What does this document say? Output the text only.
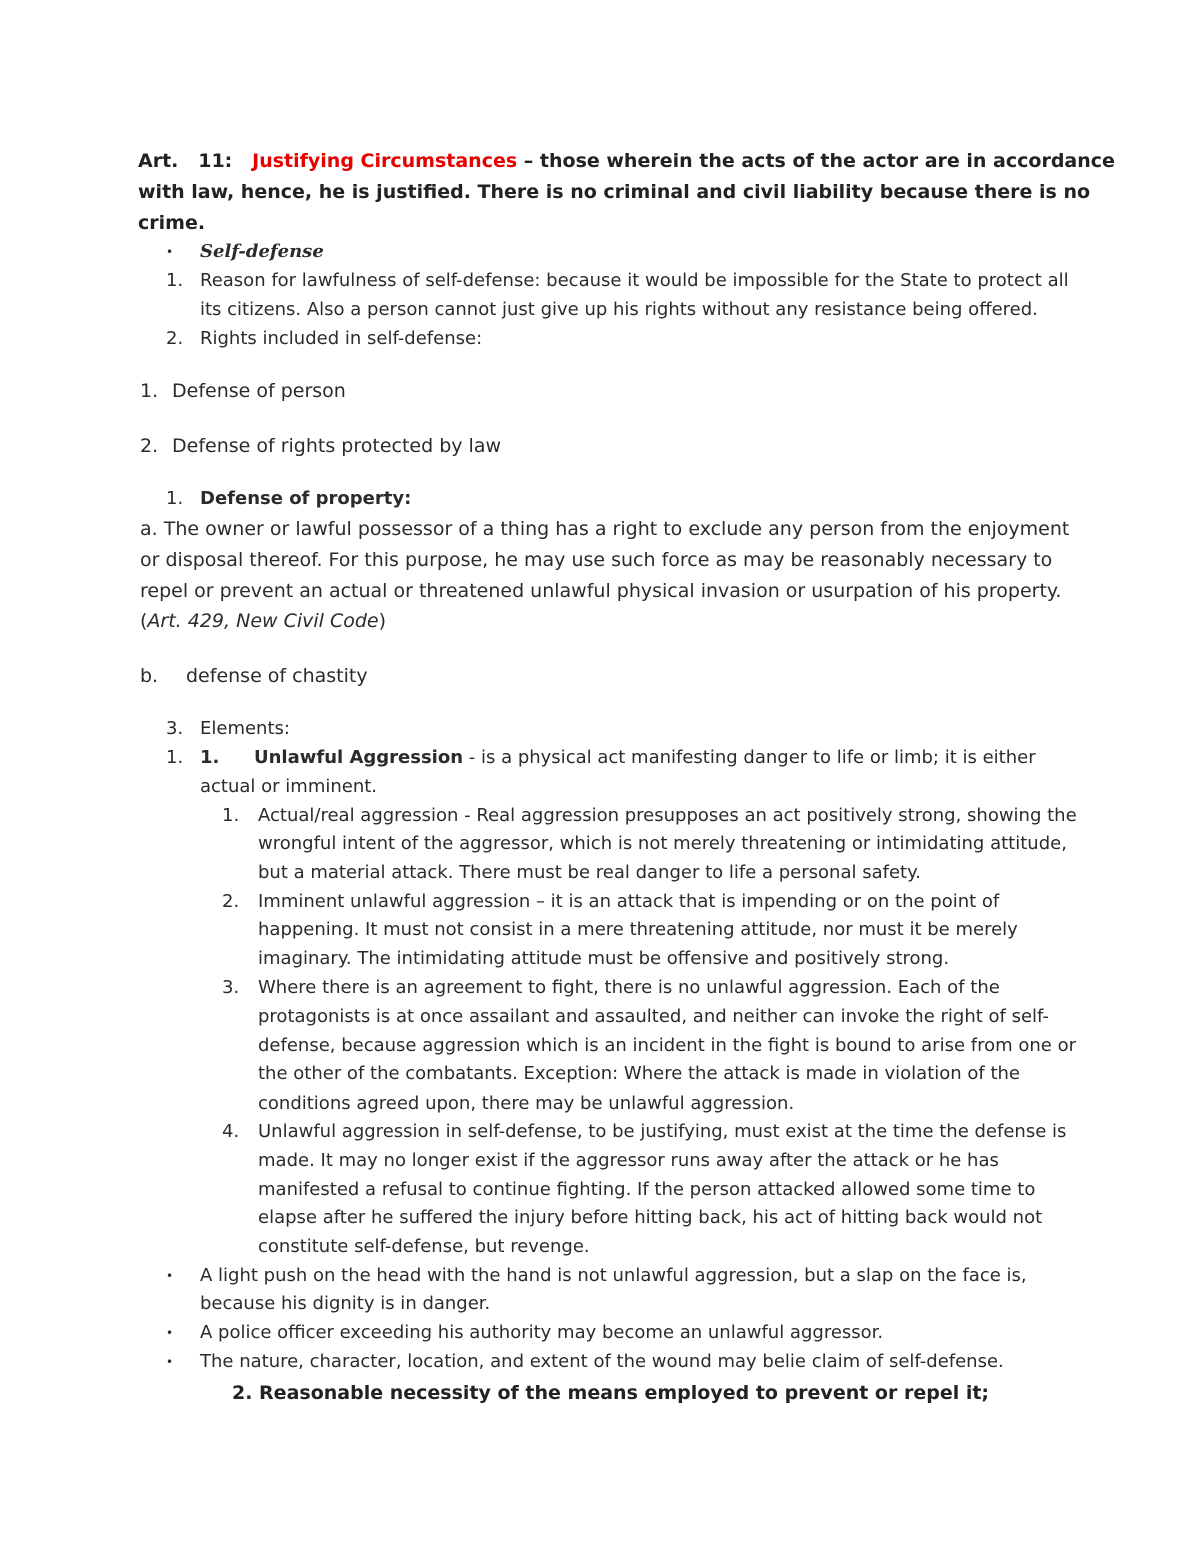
Art. 11: Justifying Circumstances – those wherein the acts of the actor are in accordance
with law, hence, he is justified. There is no criminal and civil liability because there is no
crime.
• Self-defense
1. Reason for lawfulness of self-defense: because it would be impossible for the State to protect all
its citizens. Also a person cannot just give up his rights without any resistance being offered.
2. Rights included in self-defense:
1. Defense of person
2. Defense of rights protected by law
1. Defense of property:
a. The owner or lawful possessor of a thing has a right to exclude any person from the enjoyment
or disposal thereof. For this purpose, he may use such force as may be reasonably necessary to
repel or prevent an actual or threatened unlawful physical invasion or usurpation of his property.
(Art. 429, New Civil Code)
b. defense of chastity
3. Elements:
1. 1. Unlawful Aggression - is a physical act manifesting danger to life or limb; it is either
actual or imminent.
1. Actual/real aggression - Real aggression presupposes an act positively strong, showing the
wrongful intent of the aggressor, which is not merely threatening or intimidating attitude,
but a material attack. There must be real danger to life a personal safety.
2. Imminent unlawful aggression – it is an attack that is impending or on the point of
happening. It must not consist in a mere threatening attitude, nor must it be merely
imaginary. The intimidating attitude must be offensive and positively strong.
3. Where there is an agreement to fight, there is no unlawful aggression. Each of the
protagonists is at once assailant and assaulted, and neither can invoke the right of self-
defense, because aggression which is an incident in the fight is bound to arise from one or
the other of the combatants. Exception: Where the attack is made in violation of the
conditions agreed upon, there may be unlawful aggression.
4. Unlawful aggression in self-defense, to be justifying, must exist at the time the defense is
made. It may no longer exist if the aggressor runs away after the attack or he has
manifested a refusal to continue fighting. If the person attacked allowed some time to
elapse after he suffered the injury before hitting back, his act of hitting back would not
constitute self-defense, but revenge.
• A light push on the head with the hand is not unlawful aggression, but a slap on the face is,
because his dignity is in danger.
• A police officer exceeding his authority may become an unlawful aggressor.
• The nature, character, location, and extent of the wound may belie claim of self-defense.
2. Reasonable necessity of the means employed to prevent or repel it;
